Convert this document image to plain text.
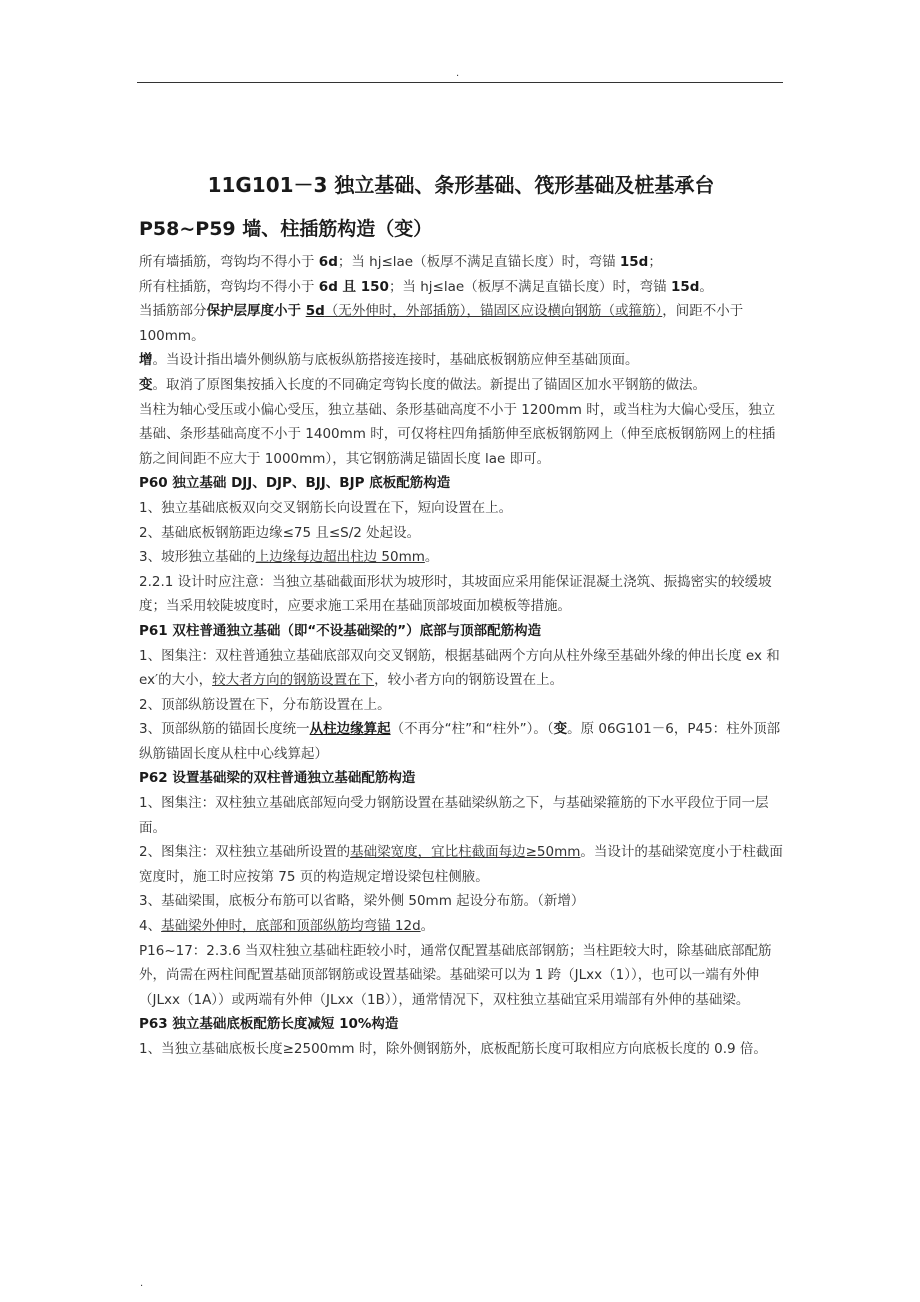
.
11G101－3 独立基础、条形基础、筏形基础及桩基承台
P58~P59 墙、柱插筋构造（变）

所有墙插筋，弯钩均不得小于 6d；当 hj≤lae（板厚不满足直锚长度）时，弯锚 15d；

所有柱插筋，弯钩均不得小于 6d 且 150；当 hj≤lae（板厚不满足直锚长度）时，弯锚 15d。

当插筋部分保护层厚度小于 5d（无外伸时，外部插筋），锚固区应设横向钢筋（或箍筋），间距不小于 100mm。

增。当设计指出墙外侧纵筋与底板纵筋搭接连接时，基础底板钢筋应伸至基础顶面。

变。取消了原图集按插入长度的不同确定弯钩长度的做法。新提出了锚固区加水平钢筋的做法。

当柱为轴心受压或小偏心受压，独立基础、条形基础高度不小于 1200mm 时，或当柱为大偏心受压，独立基础、条形基础高度不小于 1400mm 时，可仅将柱四角插筋伸至底板钢筋网上（伸至底板钢筋网上的柱插筋之间间距不应大于 1000mm），其它钢筋满足锚固长度 lae 即可。

P60 独立基础 DJJ、DJP、BJJ、BJP 底板配筋构造

1、独立基础底板双向交叉钢筋长向设置在下，短向设置在上。

2、基础底板钢筋距边缘≤75 且≤S/2 处起设。

3、坡形独立基础的上边缘每边超出柱边 50mm。

2.2.1 设计时应注意：当独立基础截面形状为坡形时，其坡面应采用能保证混凝土浇筑、振捣密实的较缓坡度；当采用较陡坡度时，应要求施工采用在基础顶部坡面加模板等措施。

P61 双柱普通独立基础（即“不设基础梁的”）底部与顶部配筋构造

1、图集注：双柱普通独立基础底部双向交叉钢筋，根据基础两个方向从柱外缘至基础外缘的伸出长度 ex 和 ex′的大小，较大者方向的钢筋设置在下，较小者方向的钢筋设置在上。

2、顶部纵筋设置在下，分布筋设置在上。

3、顶部纵筋的锚固长度统一从柱边缘算起（不再分“柱”和“柱外”）。（变。原 06G101－6，P45：柱外顶部纵筋锚固长度从柱中心线算起）

P62 设置基础梁的双柱普通独立基础配筋构造

1、图集注：双柱独立基础底部短向受力钢筋设置在基础梁纵筋之下，与基础梁箍筋的下水平段位于同一层面。

2、图集注：双柱独立基础所设置的基础梁宽度，宜比柱截面每边≥50mm。当设计的基础梁宽度小于柱截面宽度时，施工时应按第 75 页的构造规定增设梁包柱侧腋。

3、基础梁围，底板分布筋可以省略，梁外侧 50mm 起设分布筋。（新增）

4、基础梁外伸时，底部和顶部纵筋均弯锚 12d。

P16~17：2.3.6 当双柱独立基础柱距较小时，通常仅配置基础底部钢筋；当柱距较大时，除基础底部配筋外，尚需在两柱间配置基础顶部钢筋或设置基础梁。基础梁可以为 1 跨（JLxx（1）），也可以一端有外伸（JLxx（1A））或两端有外伸（JLxx（1B）），通常情况下，双柱独立基础宜采用端部有外伸的基础梁。

P63 独立基础底板配筋长度减短 10%构造

1、当独立基础底板长度≥2500mm 时，除外侧钢筋外，底板配筋长度可取相应方向底板长度的 0.9 倍。

.
